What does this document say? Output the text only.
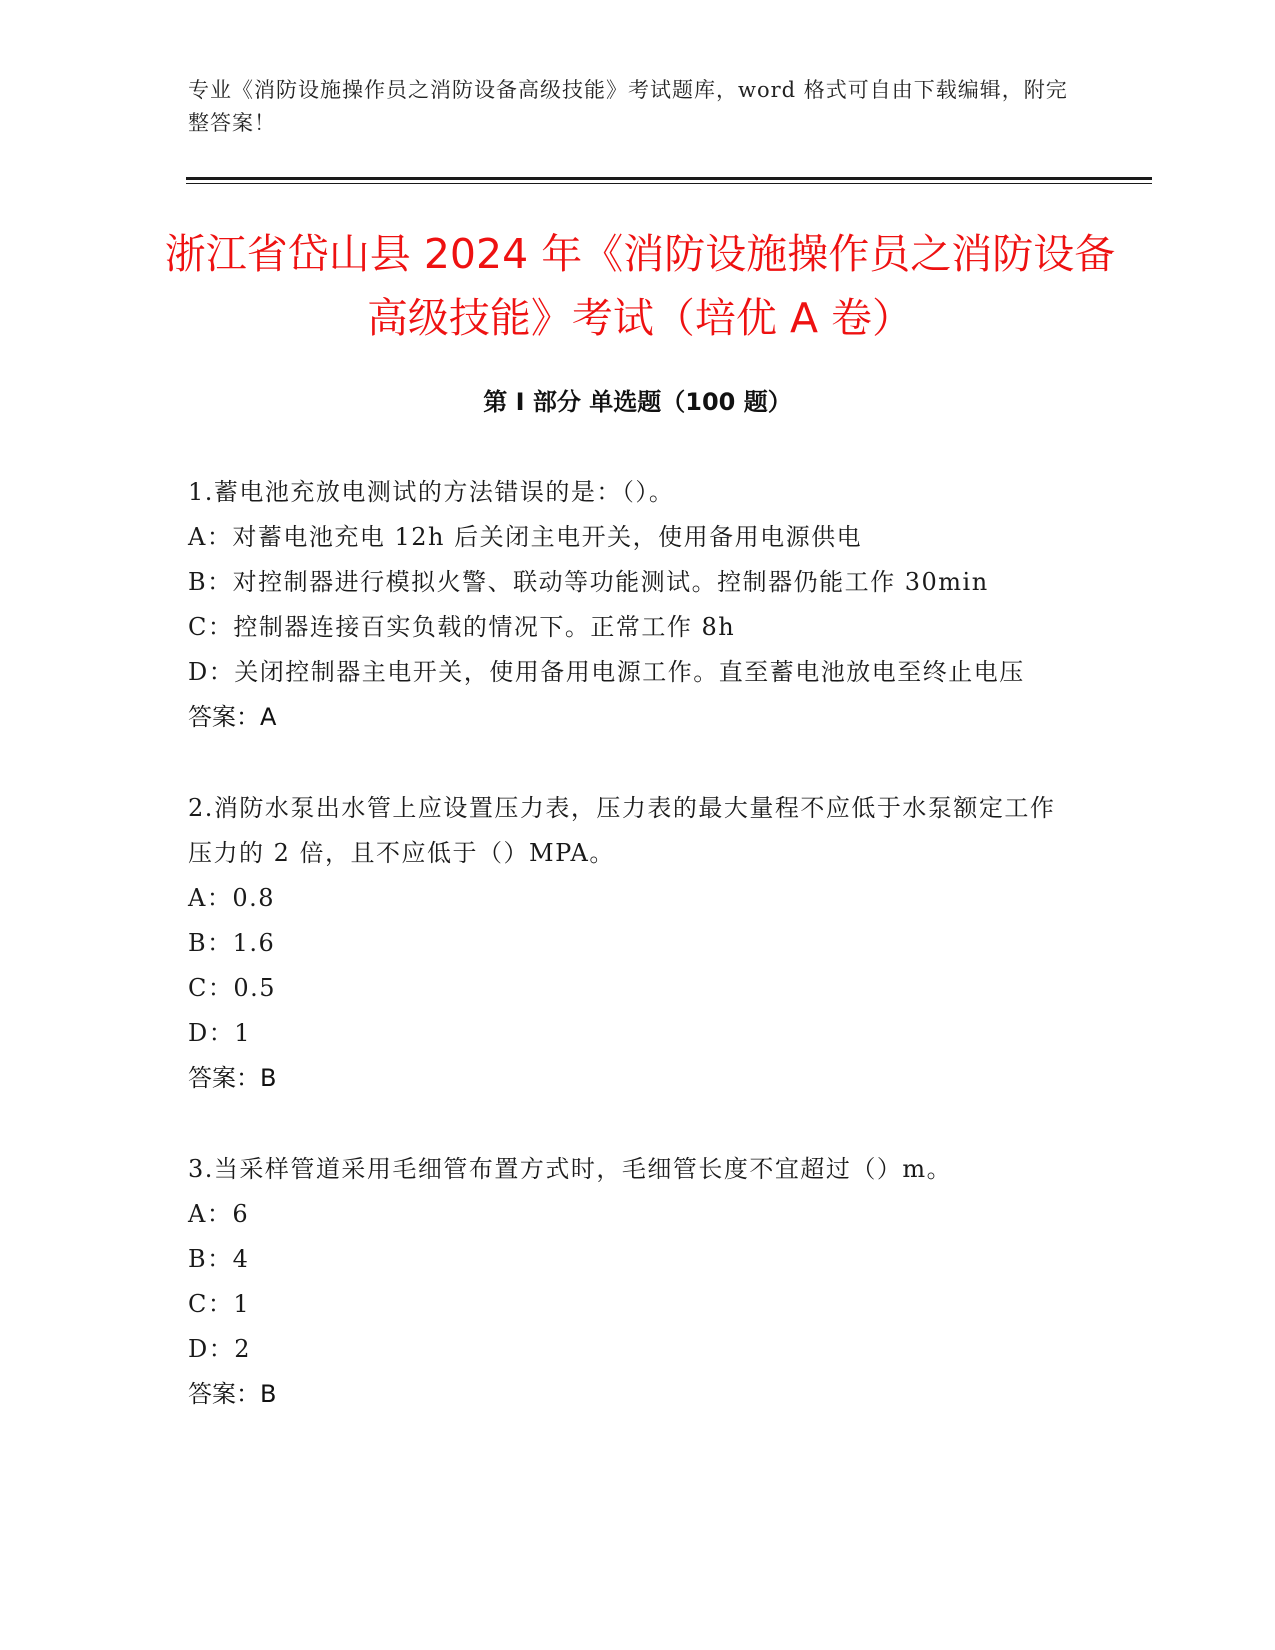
专业《消防设施操作员之消防设备高级技能》考试题库，word 格式可自由下载编辑，附完整答案！
浙江省岱山县 2024 年《消防设施操作员之消防设备高级技能》考试（培优 A 卷）
第 I 部分 单选题（100 题）

1.蓄电池充放电测试的方法错误的是：（）。

A：对蓄电池充电 12h 后关闭主电开关，使用备用电源供电

B：对控制器进行模拟火警、联动等功能测试。控制器仍能工作 30min

C：控制器连接百实负载的情况下。正常工作 8h

D：关闭控制器主电开关，使用备用电源工作。直至蓄电池放电至终止电压

答案：A

2.消防水泵出水管上应设置压力表，压力表的最大量程不应低于水泵额定工作压力的 2 倍，且不应低于（）MPA。

A：0.8

B：1.6

C：0.5

D：1

答案：B

3.当采样管道采用毛细管布置方式时，毛细管长度不宜超过（）m。

A：6

B：4

C：1

D：2

答案：B
